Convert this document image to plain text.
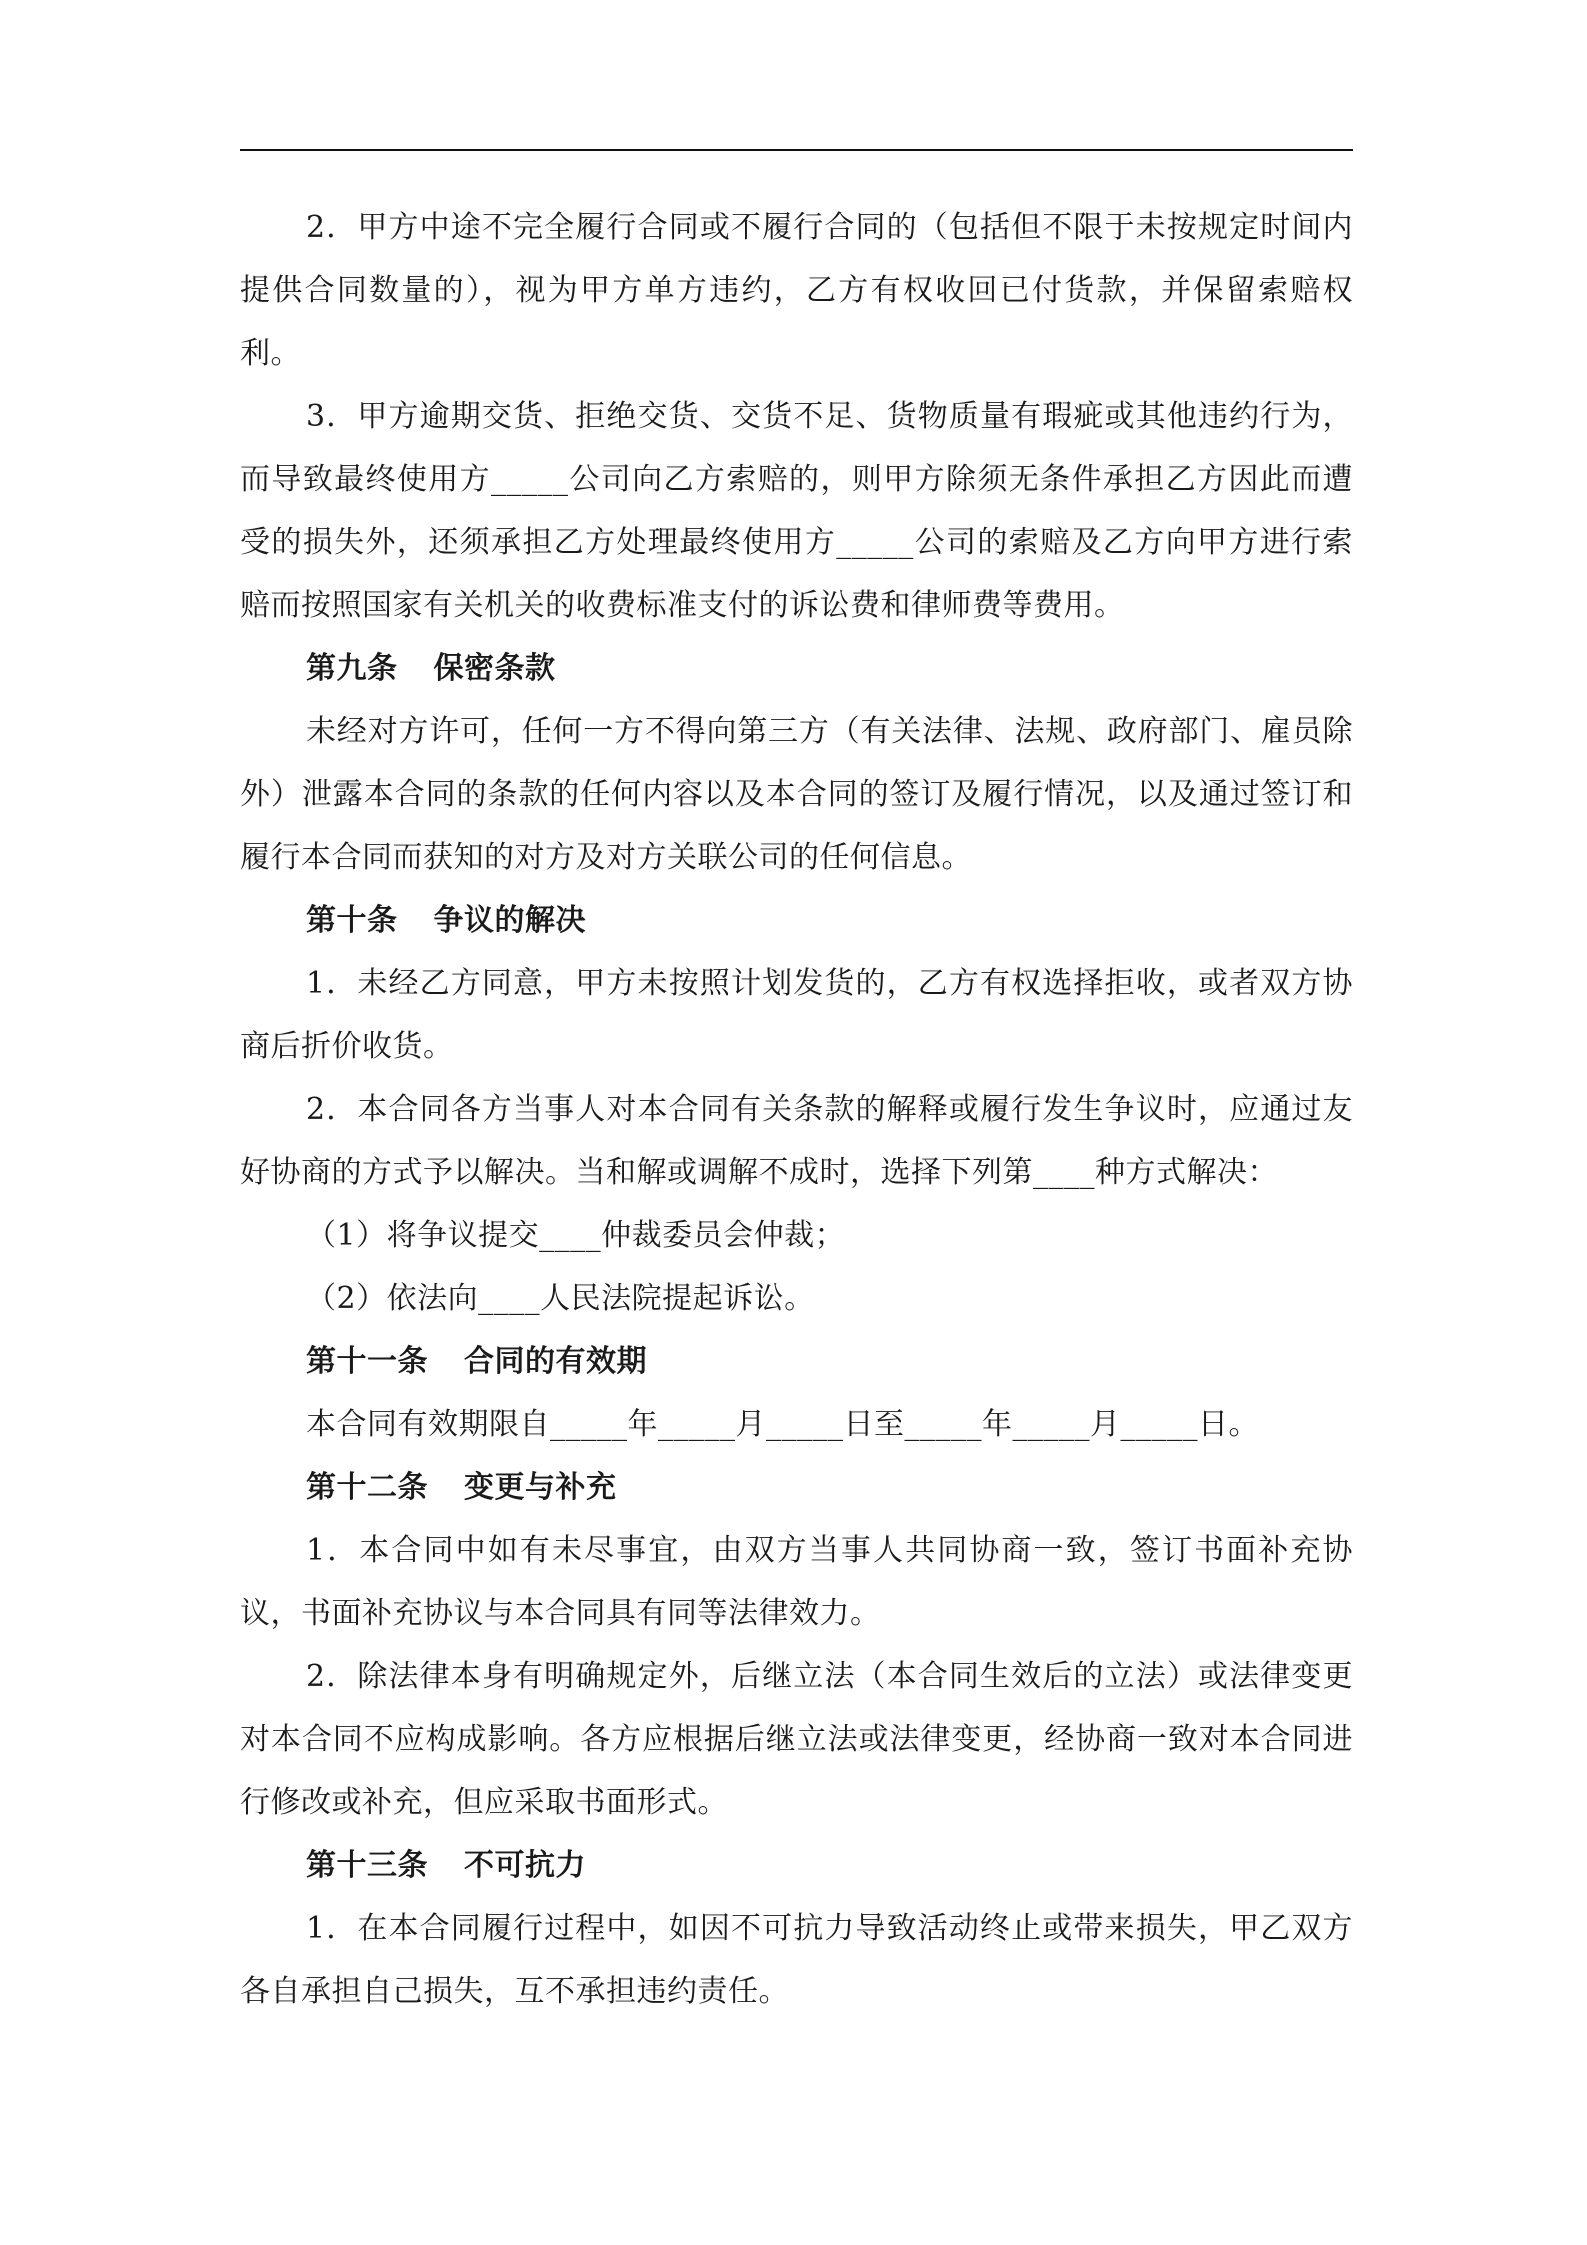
2．甲方中途不完全履行合同或不履行合同的（包括但不限于未按规定时间内提供合同数量的），视为甲方单方违约，乙方有权收回已付货款，并保留索赔权利。

3．甲方逾期交货、拒绝交货、交货不足、货物质量有瑕疵或其他违约行为，而导致最终使用方_____公司向乙方索赔的，则甲方除须无条件承担乙方因此而遭受的损失外，还须承担乙方处理最终使用方_____公司的索赔及乙方向甲方进行索赔而按照国家有关机关的收费标准支付的诉讼费和律师费等费用。

第九条 保密条款

未经对方许可，任何一方不得向第三方（有关法律、法规、政府部门、雇员除外）泄露本合同的条款的任何内容以及本合同的签订及履行情况，以及通过签订和履行本合同而获知的对方及对方关联公司的任何信息。

第十条 争议的解决

1．未经乙方同意，甲方未按照计划发货的，乙方有权选择拒收，或者双方协商后折价收货。

2．本合同各方当事人对本合同有关条款的解释或履行发生争议时，应通过友好协商的方式予以解决。当和解或调解不成时，选择下列第____种方式解决：

（1）将争议提交____仲裁委员会仲裁；

（2）依法向____人民法院提起诉讼。

第十一条 合同的有效期

本合同有效期限自_____年_____月_____日至_____年_____月_____日。

第十二条 变更与补充

1．本合同中如有未尽事宜，由双方当事人共同协商一致，签订书面补充协议，书面补充协议与本合同具有同等法律效力。

2．除法律本身有明确规定外，后继立法（本合同生效后的立法）或法律变更对本合同不应构成影响。各方应根据后继立法或法律变更，经协商一致对本合同进行修改或补充，但应采取书面形式。

第十三条 不可抗力

1．在本合同履行过程中，如因不可抗力导致活动终止或带来损失，甲乙双方各自承担自己损失，互不承担违约责任。
